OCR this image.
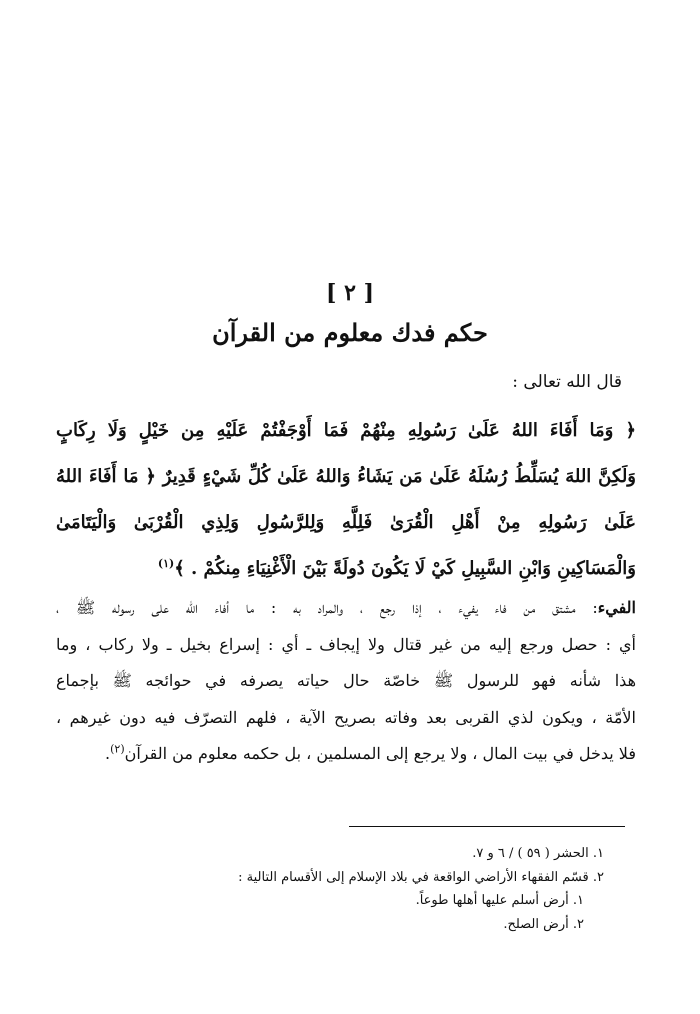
[ ٢ ]
حكم فدك معلوم من القرآن
قال الله تعالى :
﴿ وَمَا أَفَاءَ اللهُ عَلَىٰ رَسُولِهِ مِنْهُمْ فَمَا أَوْجَفْتُمْ عَلَيْهِ مِن خَيْلٍ وَلَا رِكَابٍ
وَلَكِنَّ اللهَ يُسَلِّطُ رُسُلَهُ عَلَىٰ مَن يَشَاءُ وَاللهُ عَلَىٰ كُلِّ شَيْءٍ قَدِيرٌ ﴿ مَا أَفَاءَ اللهُ
عَلَىٰ رَسُولِهِ مِنْ أَهْلِ الْقُرَىٰ فَلِلَّهِ وَلِلرَّسُولِ وَلِذِي الْقُرْبَىٰ وَالْيَتَامَىٰ
وَالْمَسَاكِينِ وَابْنِ السَّبِيلِ كَيْ لَا يَكُونَ دُولَةً بَيْنَ الْأَغْنِيَاءِ مِنكُمْ . ﴾$^{(١)}$
الفيء: مشتق من فاء يفيء ، إذا رجع ، والمراد به : ما أفاء الله على رسوله ﷺ ،
أي : حصل ورجع إليه من غير قتال ولا إيجاف ـ أي : إسراع بخيل ـ ولا ركاب ، وما
هذا شأنه فهو للرسول ﷺ خاصّة حال حياته يصرفه في حوائجه ﷺ بإجماع
الأمّة ، ويكون لذي القربى بعد وفاته بصريح الآية ، فلهم التصرّف فيه دون غيرهم ،
فلا يدخل في بيت المال ، ولا يرجع إلى المسلمين ، بل حكمه معلوم من القرآن$^{(٢)}$.
١. الحشر ( ٥٩ ) / ٦ و ٧.
٢. قسّم الفقهاء الأراضي الواقعة في بلاد الإسلام إلى الأقسام التالية :
١. أرض أسلم عليها أهلها طوعاً.
٢. أرض الصلح.
